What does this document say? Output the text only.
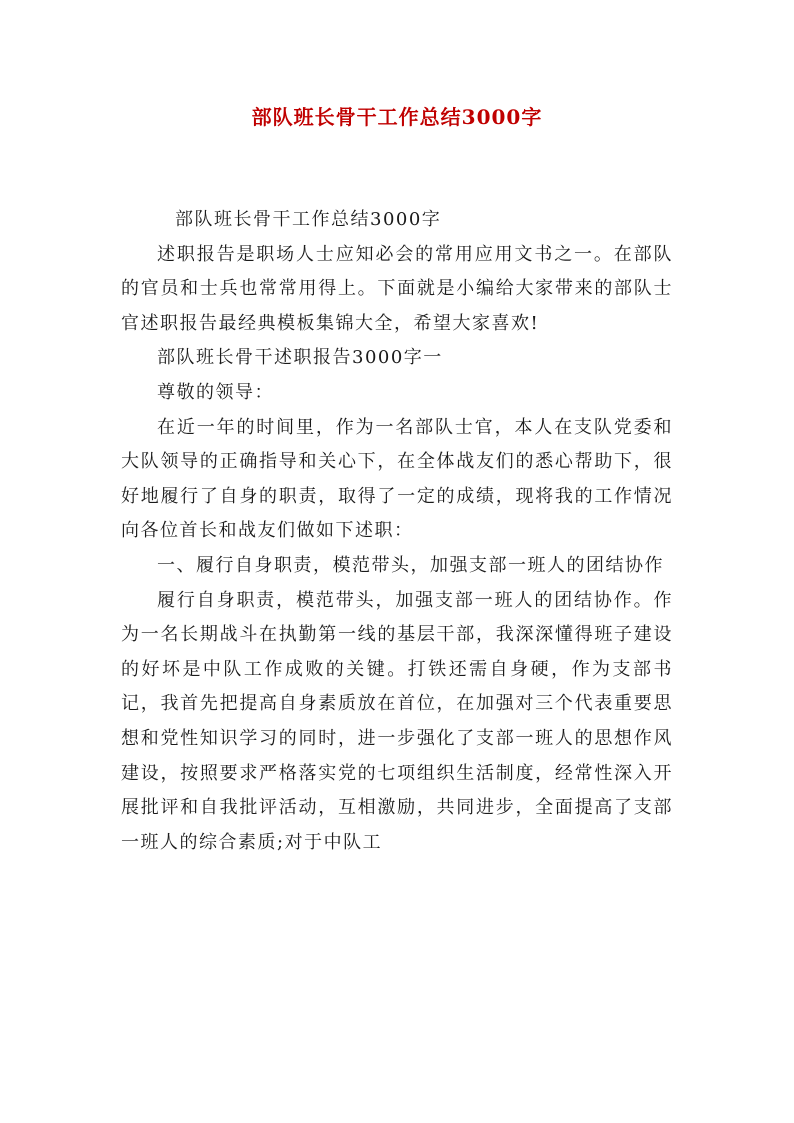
部队班长骨干工作总结3000字

部队班长骨干工作总结3000字

述职报告是职场人士应知必会的常用应用文书之一。在部队的官员和士兵也常常用得上。下面就是小编给大家带来的部队士官述职报告最经典模板集锦大全，希望大家喜欢!

部队班长骨干述职报告3000字一

尊敬的领导：

在近一年的时间里，作为一名部队士官，本人在支队党委和大队领导的正确指导和关心下，在全体战友们的悉心帮助下，很好地履行了自身的职责，取得了一定的成绩，现将我的工作情况向各位首长和战友们做如下述职：

一、履行自身职责，模范带头，加强支部一班人的团结协作

履行自身职责，模范带头，加强支部一班人的团结协作。作为一名长期战斗在执勤第一线的基层干部，我深深懂得班子建设的好坏是中队工作成败的关键。打铁还需自身硬，作为支部书记，我首先把提高自身素质放在首位，在加强对三个代表重要思想和党性知识学习的同时，进一步强化了支部一班人的思想作风建设，按照要求严格落实党的七项组织生活制度，经常性深入开展批评和自我批评活动，互相激励，共同进步，全面提高了支部一班人的综合素质;对于中队工
